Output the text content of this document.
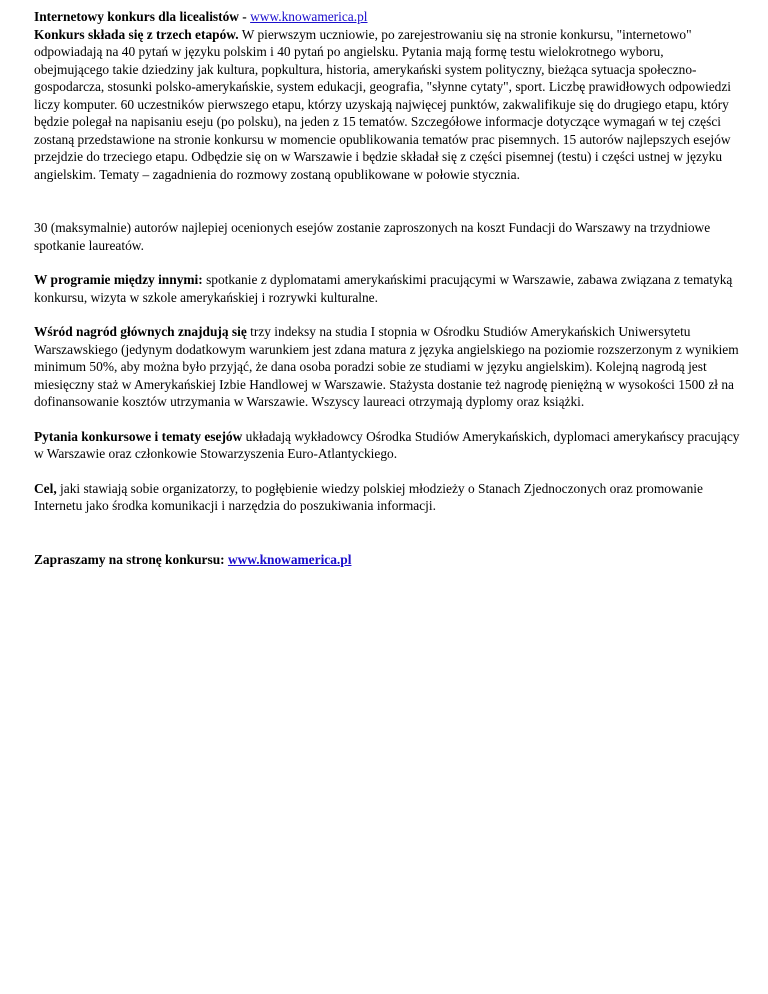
Internetowy konkurs dla licealistów - www.knowamerica.pl
Konkurs składa się z trzech etapów. W pierwszym uczniowie, po zarejestrowaniu się na stronie konkursu, "internetowo" odpowiadają na 40 pytań w języku polskim i 40 pytań po angielsku. Pytania mają formę testu wielokrotnego wyboru, obejmującego takie dziedziny jak kultura, popkultura, historia, amerykański system polityczny, bieżąca sytuacja społeczno-gospodarcza, stosunki polsko-amerykańskie, system edukacji, geografia, "słynne cytaty", sport. Liczbę prawidłowych odpowiedzi liczy komputer. 60 uczestników pierwszego etapu, którzy uzyskają najwięcej punktów, zakwalifikuje się do drugiego etapu, który będzie polegał na napisaniu eseju (po polsku), na jeden z 15 tematów. Szczegółowe informacje dotyczące wymagań w tej części zostaną przedstawione na stronie konkursu w momencie opublikowania tematów prac pisemnych. 15 autorów najlepszych esejów przejdzie do trzeciego etapu. Odbędzie się on w Warszawie i będzie składał się z części pisemnej (testu) i części ustnej w języku angielskim. Tematy – zagadnienia do rozmowy zostaną opublikowane w połowie stycznia.

30 (maksymalnie) autorów najlepiej ocenionych esejów zostanie zaproszonych na koszt Fundacji do Warszawy na trzydniowe spotkanie laureatów.

W programie między innymi: spotkanie z dyplomatami amerykańskimi pracującymi w Warszawie, zabawa związana z tematyką konkursu, wizyta w szkole amerykańskiej i rozrywki kulturalne.

Wśród nagród głównych znajdują się trzy indeksy na studia I stopnia w Ośrodku Studiów Amerykańskich Uniwersytetu Warszawskiego (jedynym dodatkowym warunkiem jest zdana matura z języka angielskiego na poziomie rozszerzonym z wynikiem minimum 50%, aby można było przyjąć, że dana osoba poradzi sobie ze studiami w języku angielskim). Kolejną nagrodą jest miesięczny staż w Amerykańskiej Izbie Handlowej w Warszawie. Stażysta dostanie też nagrodę pieniężną w wysokości 1500 zł na dofinansowanie kosztów utrzymania w Warszawie. Wszyscy laureaci otrzymają dyplomy oraz książki.

Pytania konkursowe i tematy esejów układają wykładowcy Ośrodka Studiów Amerykańskich, dyplomaci amerykańscy pracujący w Warszawie oraz członkowie Stowarzyszenia Euro-Atlantyckiego.

Cel, jaki stawiają sobie organizatorzy, to pogłębienie wiedzy polskiej młodzieży o Stanach Zjednoczonych oraz promowanie Internetu jako środka komunikacji i narzędzia do poszukiwania informacji.

Zapraszamy na stronę konkursu: www.knowamerica.pl
